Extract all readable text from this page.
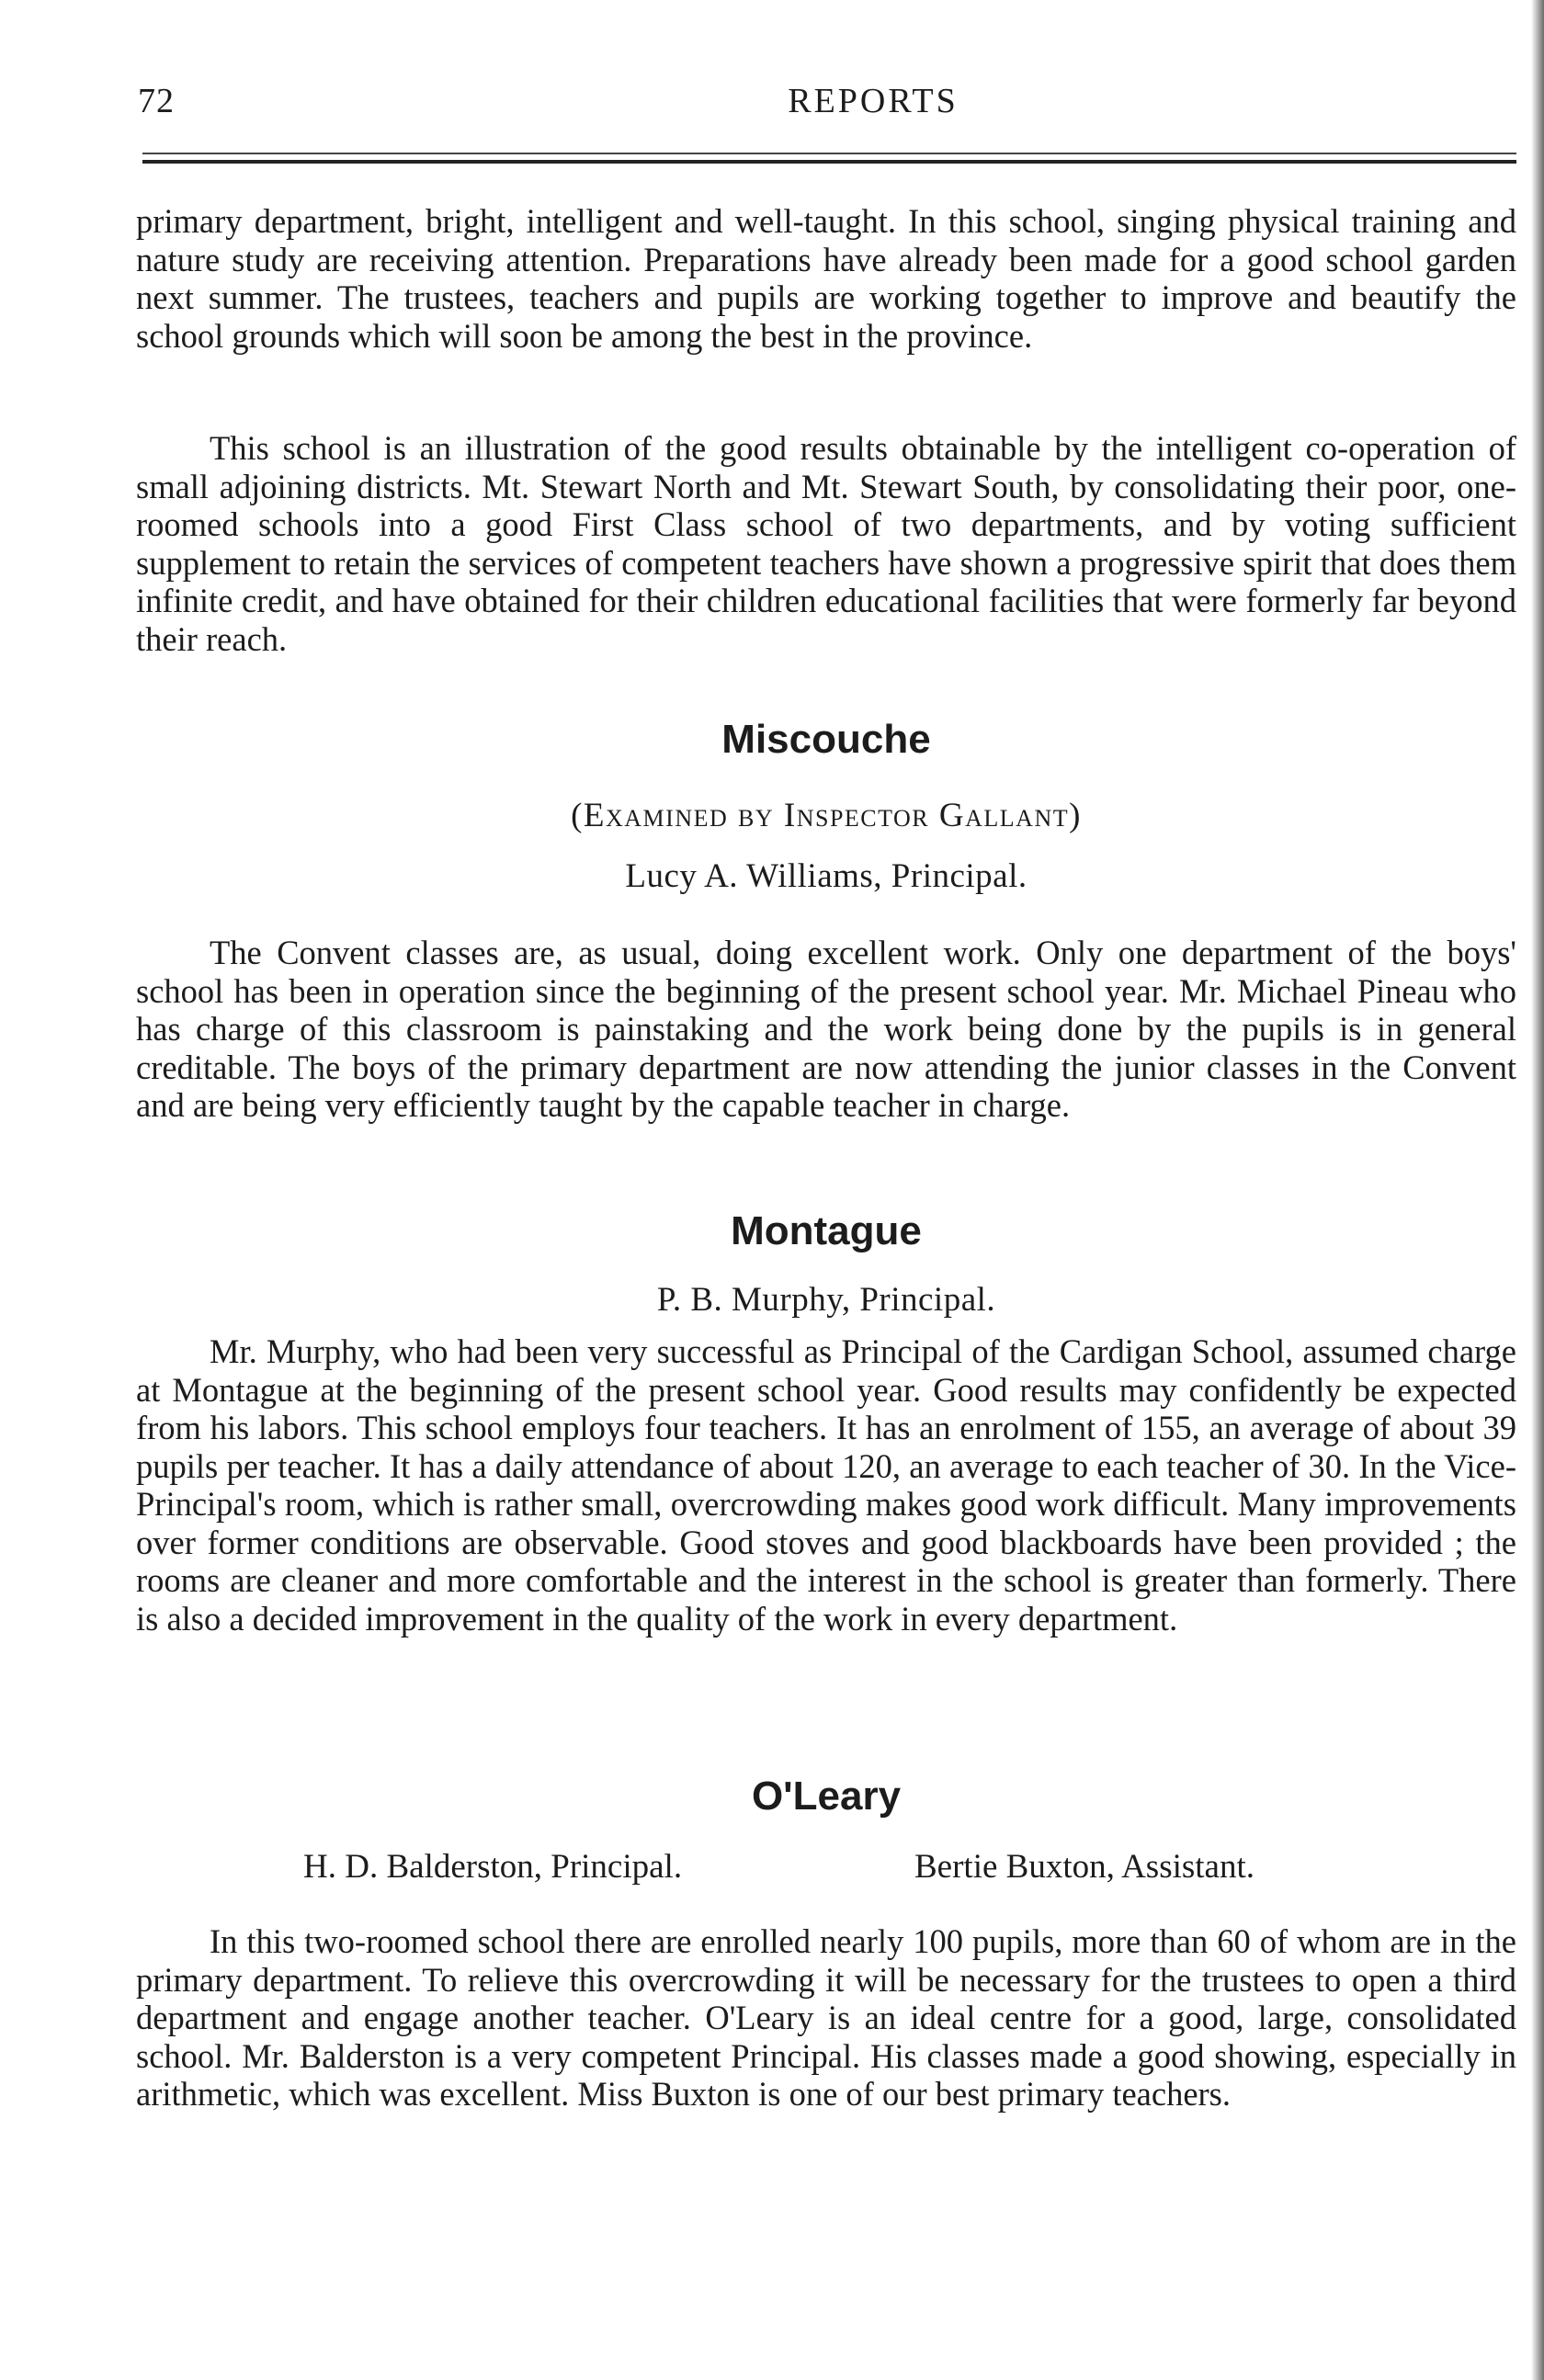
72	REPORTS

primary department, bright, intelligent and well-taught. In this school, singing physical training and nature study are receiving attention. Preparations have already been made for a good school garden next summer. The trustees, teachers and pupils are working together to improve and beautify the school grounds which will soon be among the best in the province.

This school is an illustration of the good results obtainable by the intelligent co-operation of small adjoining districts. Mt. Stewart North and Mt. Stewart South, by consolidating their poor, one-roomed schools into a good First Class school of two departments, and by voting sufficient supplement to retain the services of competent teachers have shown a progressive spirit that does them infinite credit, and have obtained for their children educational facilities that were formerly far beyond their reach.

Miscouche

(Examined by Inspector Gallant)

Lucy A. Williams, Principal.

The Convent classes are, as usual, doing excellent work. Only one department of the boys' school has been in operation since the beginning of the present school year. Mr. Michael Pineau who has charge of this classroom is painstaking and the work being done by the pupils is in general creditable. The boys of the primary department are now attending the junior classes in the Convent and are being very efficiently taught by the capable teacher in charge.

Montague

P. B. Murphy, Principal.

Mr. Murphy, who had been very successful as Principal of the Cardigan School, assumed charge at Montague at the beginning of the present school year. Good results may confidently be expected from his labors. This school employs four teachers. It has an enrolment of 155, an average of about 39 pupils per teacher. It has a daily attendance of about 120, an average to each teacher of 30. In the Vice-Principal's room, which is rather small, overcrowding makes good work difficult. Many improvements over former conditions are observable. Good stoves and good blackboards have been provided ; the rooms are cleaner and more comfortable and the interest in the school is greater than formerly. There is also a decided improvement in the quality of the work in every department.

O'Leary

H. D. Balderston, Principal.	Bertie Buxton, Assistant.

In this two-roomed school there are enrolled nearly 100 pupils, more than 60 of whom are in the primary department. To relieve this overcrowding it will be necessary for the trustees to open a third department and engage another teacher. O'Leary is an ideal centre for a good, large, consolidated school. Mr. Balderston is a very competent Principal. His classes made a good showing, especially in arithmetic, which was excellent. Miss Buxton is one of our best primary teachers.
